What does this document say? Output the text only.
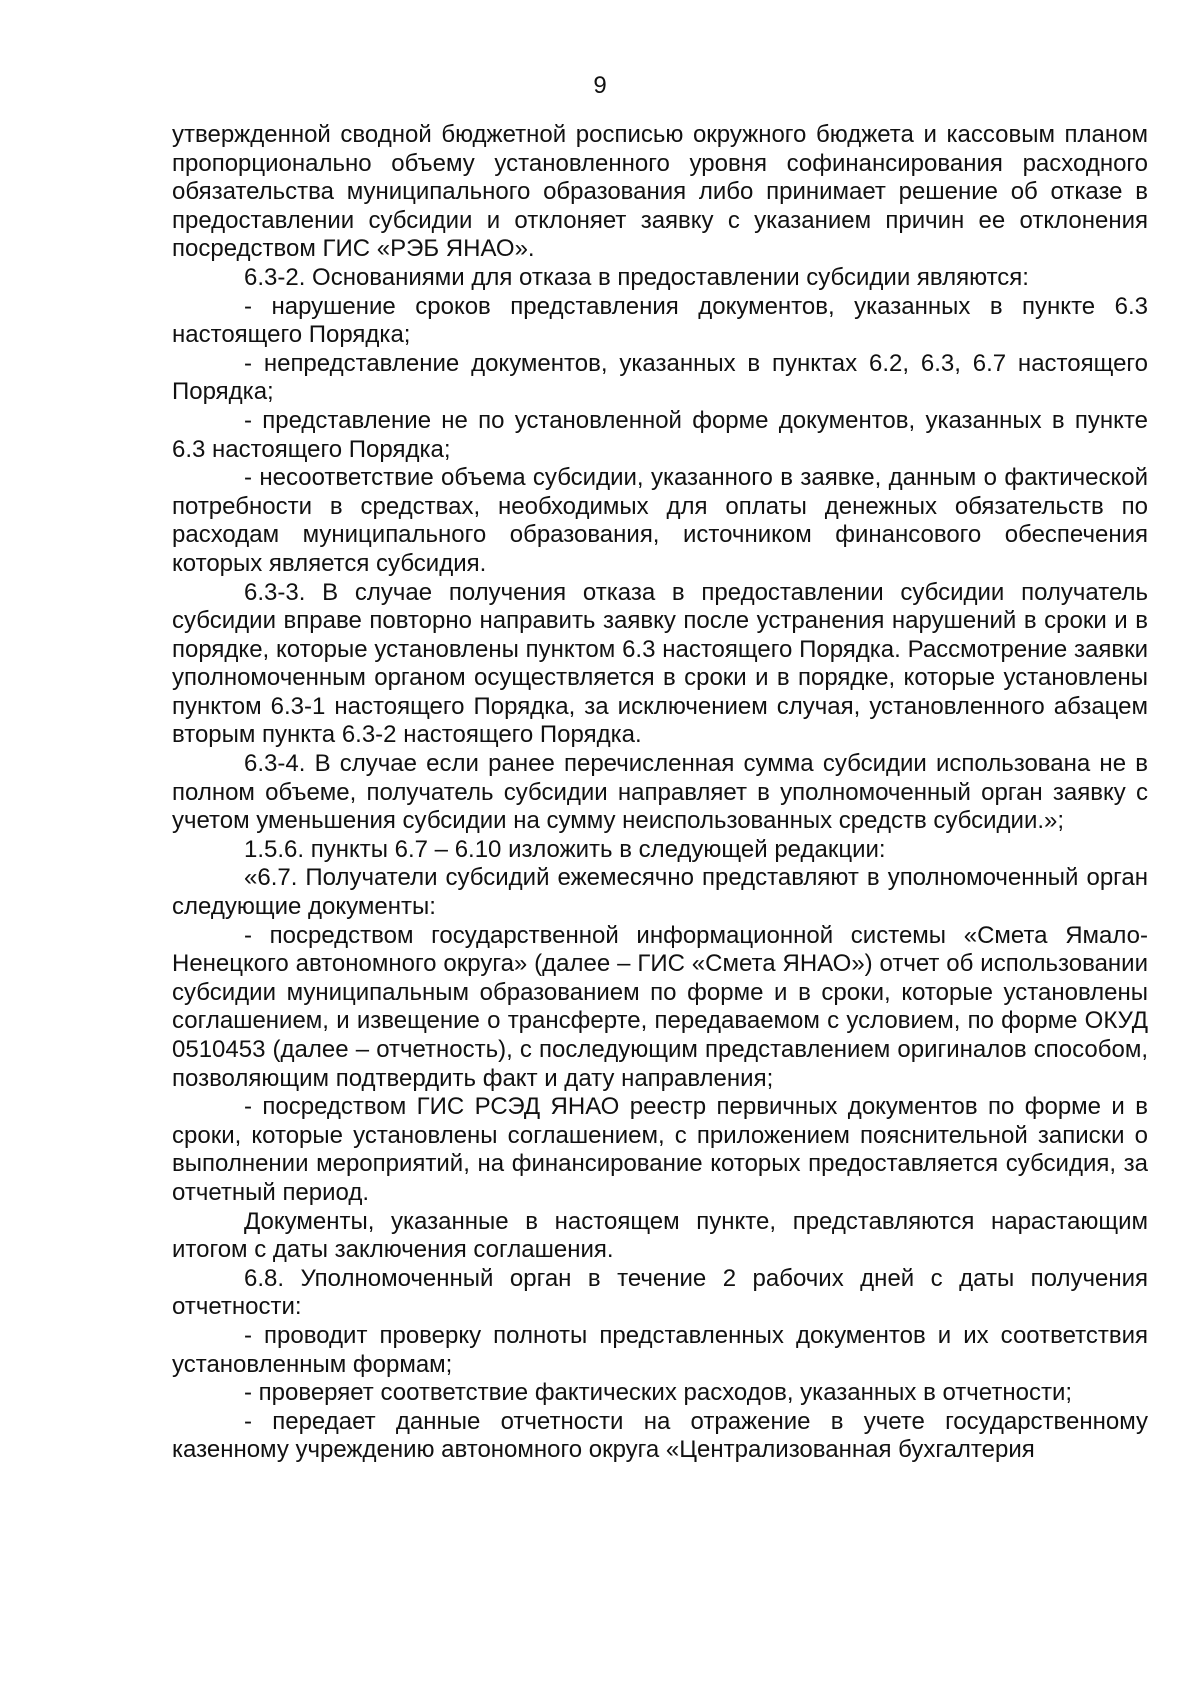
9

утвержденной сводной бюджетной росписью окружного бюджета и кассовым планом пропорционально объему установленного уровня софинансирования расходного обязательства муниципального образования либо принимает решение об отказе в предоставлении субсидии и отклоняет заявку с указанием причин ее отклонения посредством ГИС «РЭБ ЯНАО».

6.3-2. Основаниями для отказа в предоставлении субсидии являются:

- нарушение сроков представления документов, указанных в пункте 6.3 настоящего Порядка;

- непредставление документов, указанных в пунктах 6.2, 6.3, 6.7 настоящего Порядка;

- представление не по установленной форме документов, указанных в пункте 6.3 настоящего Порядка;

- несоответствие объема субсидии, указанного в заявке, данным о фактической потребности в средствах, необходимых для оплаты денежных обязательств по расходам муниципального образования, источником финансового обеспечения которых является субсидия.

6.3-3. В случае получения отказа в предоставлении субсидии получатель субсидии вправе повторно направить заявку после устранения нарушений в сроки и в порядке, которые установлены пунктом 6.3 настоящего Порядка. Рассмотрение заявки уполномоченным органом осуществляется в сроки и в порядке, которые установлены пунктом 6.3-1 настоящего Порядка, за исключением случая, установленного абзацем вторым пункта 6.3-2 настоящего Порядка.

6.3-4. В случае если ранее перечисленная сумма субсидии использована не в полном объеме, получатель субсидии направляет в уполномоченный орган заявку с учетом уменьшения субсидии на сумму неиспользованных средств субсидии.»;

1.5.6. пункты 6.7 – 6.10 изложить в следующей редакции:

«6.7. Получатели субсидий ежемесячно представляют в уполномоченный орган следующие документы:

- посредством государственной информационной системы «Смета Ямало-Ненецкого автономного округа» (далее – ГИС «Смета ЯНАО») отчет об использовании субсидии муниципальным образованием по форме и в сроки, которые установлены соглашением, и извещение о трансферте, передаваемом с условием, по форме ОКУД 0510453 (далее – отчетность), с последующим представлением оригиналов способом, позволяющим подтвердить факт и дату направления;

- посредством ГИС РСЭД ЯНАО реестр первичных документов по форме и в сроки, которые установлены соглашением, с приложением пояснительной записки о выполнении мероприятий, на финансирование которых предоставляется субсидия, за отчетный период.

Документы, указанные в настоящем пункте, представляются нарастающим итогом с даты заключения соглашения.

6.8. Уполномоченный орган в течение 2 рабочих дней с даты получения отчетности:

- проводит проверку полноты представленных документов и их соответствия установленным формам;

- проверяет соответствие фактических расходов, указанных в отчетности;

- передает данные отчетности на отражение в учете государственному казенному учреждению автономного округа «Централизованная бухгалтерия
